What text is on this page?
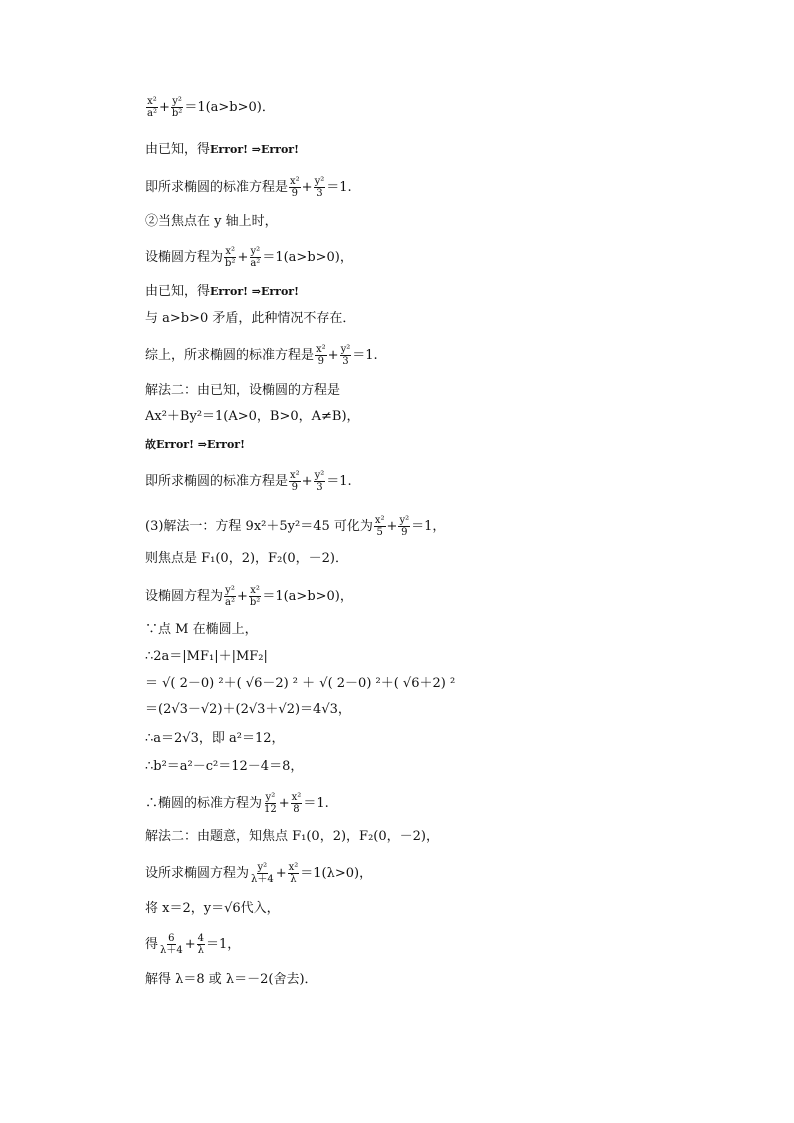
$\frac{\text{x²}}{\text{a²}} + \frac{\text{y²}}{\text{b²}} =1(a>b>0)$．
由已知，得 Error! ⇒Error!
即所求椭圆的标准方程是 $\frac{\text{x²}}{9} + \frac{\text{y²}}{3} =1$.
②当焦点在 y 轴上时，
设椭圆方程为 $\frac{\text{x²}}{\text{b²}} + \frac{\text{y²}}{\text{a²}} =1(a>b>0)$，
由已知，得 Error! ⇒Error!
与 a>b>0 矛盾，此种情况不存在．
综上，所求椭圆的标准方程是 $\frac{\text{x²}}{9} + \frac{\text{y²}}{3} =1$.
解法二：由已知，设椭圆的方程是
Ax²＋By²＝1(A>0，B>0，A≠B)，
故Error! ⇒Error!
即所求椭圆的标准方程是 $\frac{\text{x²}}{9} + \frac{\text{y²}}{3} =1$.
(3)解法一：方程 9x²＋5y²＝45 可化为 $\frac{\text{x²}}{5} + \frac{\text{y²}}{9} =1$，
则焦点是 F₁(0，2)，F₂(0，－2)．
设椭圆方程为 $\frac{\text{y²}}{\text{a²}} + \frac{\text{x²}}{\text{b²}} =1(a>b>0)$，
∵点 M 在椭圆上，
∴2a＝|MF₁|＋|MF₂|
＝ √( 2－0) ²＋( √6－2) ² ＋ √( 2－0) ²＋( √6＋2) ²
＝(2√3－√2)＋(2√3＋√2)＝4√3，
∴a＝2√3，即 a²＝12，
∴b²＝a²－c²＝12－4＝8，
∴椭圆的标准方程为 $\frac{\text{y²}}{12} + \frac{\text{x²}}{8} =1$.
解法二：由题意，知焦点 F₁(0，2)，F₂(0，－2)，
设所求椭圆方程为 $\frac{\text{y²}}{\lambda+4} + \frac{\text{x²}}{\lambda} =1(\lambda>0)$，
将 x＝2，y＝√6代入，
得 $\frac{6}{\lambda+4} + \frac{4}{\lambda} =1$，
解得 λ＝8 或 λ＝－2(舍去)．
